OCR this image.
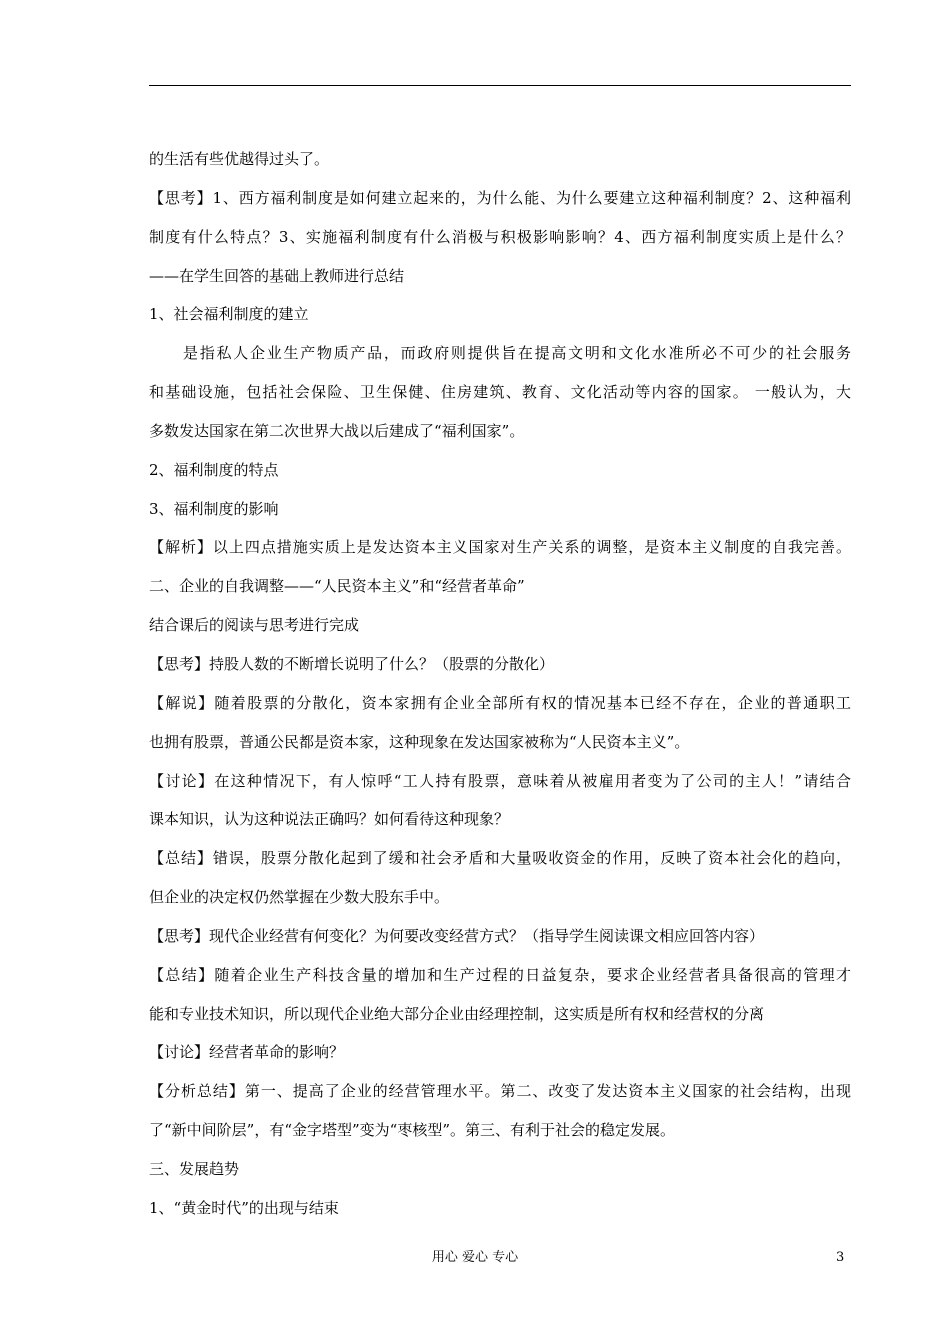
的生活有些优越得过头了。
【思考】1、西方福利制度是如何建立起来的，为什么能、为什么要建立这种福利制度？2、这种福利
制度有什么特点？3、实施福利制度有什么消极与积极影响影响？4、西方福利制度实质上是什么？
——在学生回答的基础上教师进行总结
1、社会福利制度的建立
是指私人企业生产物质产品，而政府则提供旨在提高文明和文化水准所必不可少的社会服务
和基础设施，包括社会保险、卫生保健、住房建筑、教育、文化活动等内容的国家。 一般认为，大
多数发达国家在第二次世界大战以后建成了“福利国家”。
2、福利制度的特点
3、福利制度的影响
【解析】以上四点措施实质上是发达资本主义国家对生产关系的调整，是资本主义制度的自我完善。
二、企业的自我调整——“人民资本主义”和“经营者革命”
结合课后的阅读与思考进行完成
【思考】持股人数的不断增长说明了什么？（股票的分散化）
【解说】随着股票的分散化，资本家拥有企业全部所有权的情况基本已经不存在，企业的普通职工
也拥有股票，普通公民都是资本家，这种现象在发达国家被称为“人民资本主义”。
【讨论】在这种情况下，有人惊呼“工人持有股票，意味着从被雇用者变为了公司的主人！”请结合
课本知识，认为这种说法正确吗？如何看待这种现象？
【总结】错误，股票分散化起到了缓和社会矛盾和大量吸收资金的作用，反映了资本社会化的趋向，
但企业的决定权仍然掌握在少数大股东手中。
【思考】现代企业经营有何变化？为何要改变经营方式？（指导学生阅读课文相应回答内容）
【总结】随着企业生产科技含量的增加和生产过程的日益复杂，要求企业经营者具备很高的管理才
能和专业技术知识，所以现代企业绝大部分企业由经理控制，这实质是所有权和经营权的分离
【讨论】经营者革命的影响？
【分析总结】第一、提高了企业的经营管理水平。第二、改变了发达资本主义国家的社会结构，出现
了“新中间阶层”，有“金字塔型”变为“枣核型”。第三、有利于社会的稳定发展。
三、发展趋势
1、“黄金时代”的出现与结束
用心 爱心 专心	3
